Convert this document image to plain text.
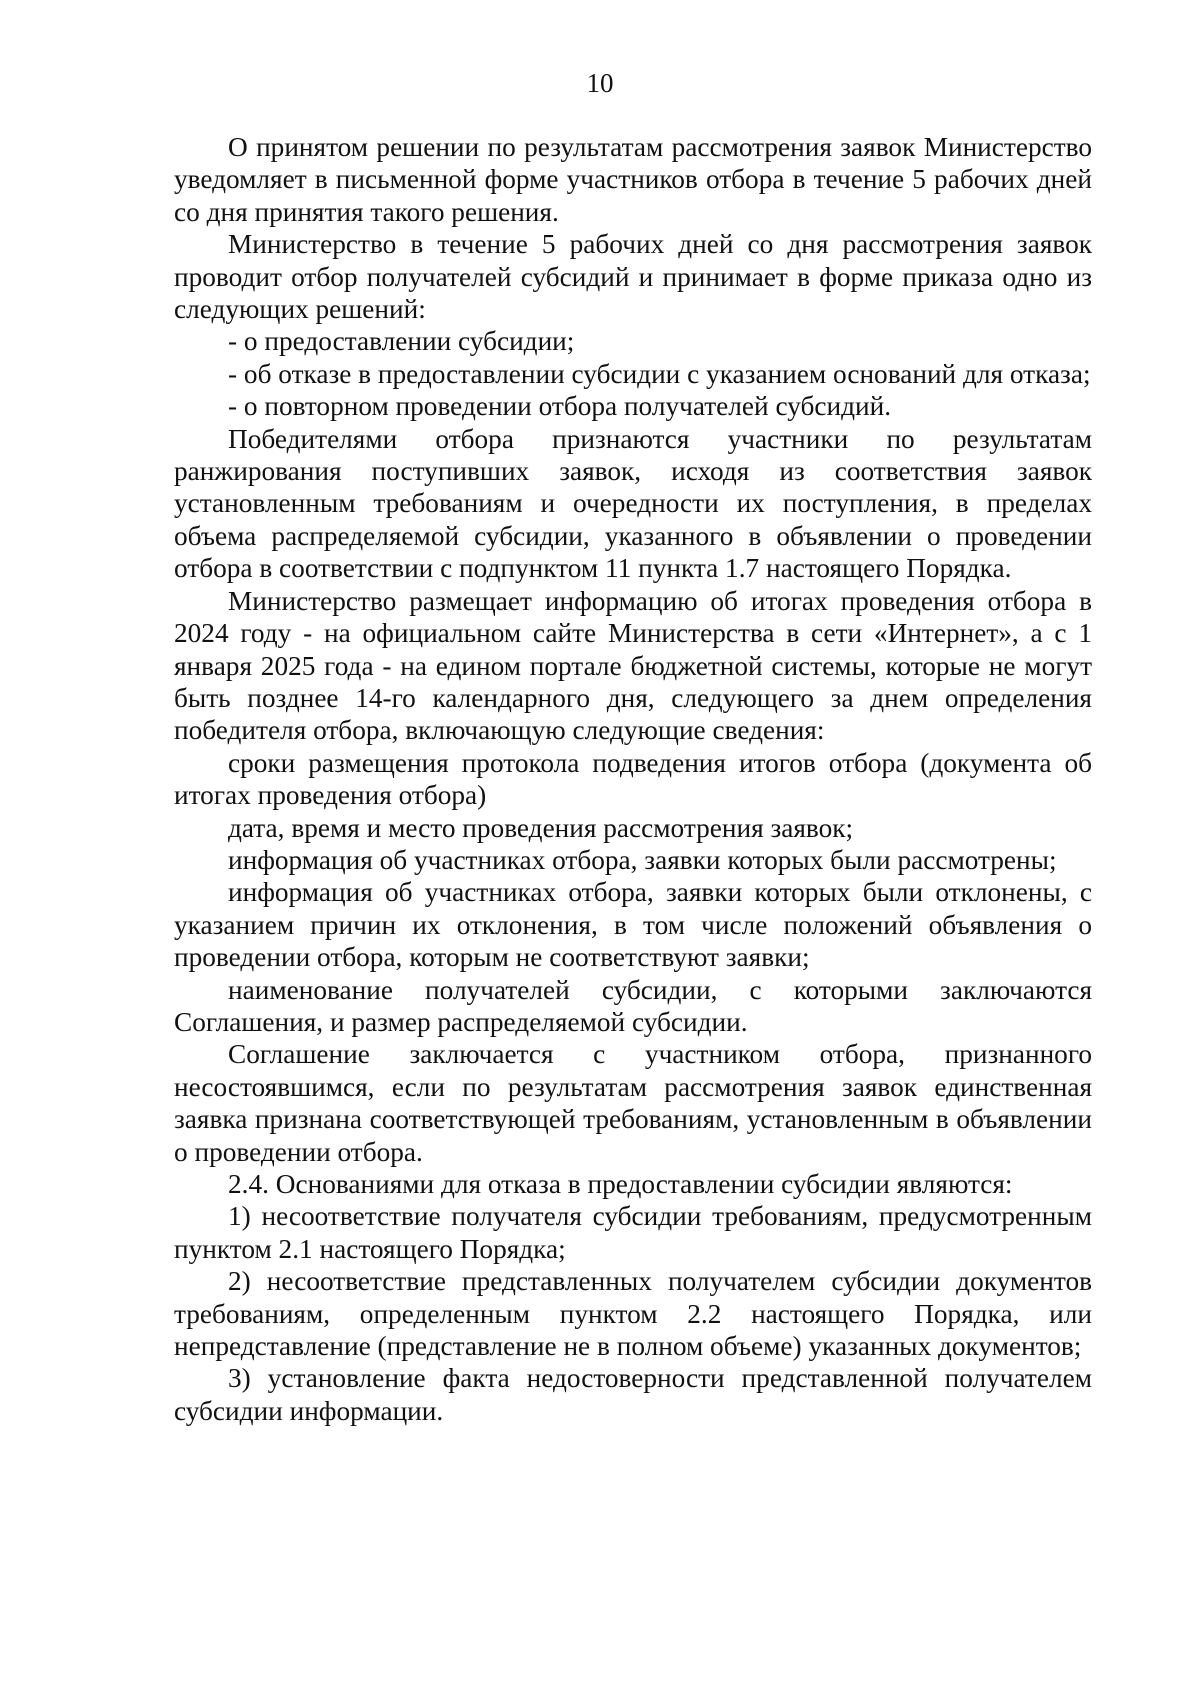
10

О принятом решении по результатам рассмотрения заявок Министерство уведомляет в письменной форме участников отбора в течение 5 рабочих дней со дня принятия такого решения.

Министерство в течение 5 рабочих дней со дня рассмотрения заявок проводит отбор получателей субсидий и принимает в форме приказа одно из следующих решений:

- о предоставлении субсидии;

- об отказе в предоставлении субсидии с указанием оснований для отказа;

- о повторном проведении отбора получателей субсидий.

Победителями отбора признаются участники по результатам ранжирования поступивших заявок, исходя из соответствия заявок установленным требованиям и очередности их поступления, в пределах объема распределяемой субсидии, указанного в объявлении о проведении отбора в соответствии с подпунктом 11 пункта 1.7 настоящего Порядка.

Министерство размещает информацию об итогах проведения отбора в 2024 году - на официальном сайте Министерства в сети «Интернет», а с 1 января 2025 года - на едином портале бюджетной системы, которые не могут быть позднее 14-го календарного дня, следующего за днем определения победителя отбора, включающую следующие сведения:

сроки размещения протокола подведения итогов отбора (документа об итогах проведения отбора)

дата, время и место проведения рассмотрения заявок;

информация об участниках отбора, заявки которых были рассмотрены;

информация об участниках отбора, заявки которых были отклонены, с указанием причин их отклонения, в том числе положений объявления о проведении отбора, которым не соответствуют заявки;

наименование получателей субсидии, с которыми заключаются Соглашения, и размер распределяемой субсидии.

Соглашение заключается с участником отбора, признанного несостоявшимся, если по результатам рассмотрения заявок единственная заявка признана соответствующей требованиям, установленным в объявлении о проведении отбора.

2.4. Основаниями для отказа в предоставлении субсидии являются:

1) несоответствие получателя субсидии требованиям, предусмотренным пунктом 2.1 настоящего Порядка;

2) несоответствие представленных получателем субсидии документов требованиям, определенным пунктом 2.2 настоящего Порядка, или непредставление (представление не в полном объеме) указанных документов;

3) установление факта недостоверности представленной получателем субсидии информации.
